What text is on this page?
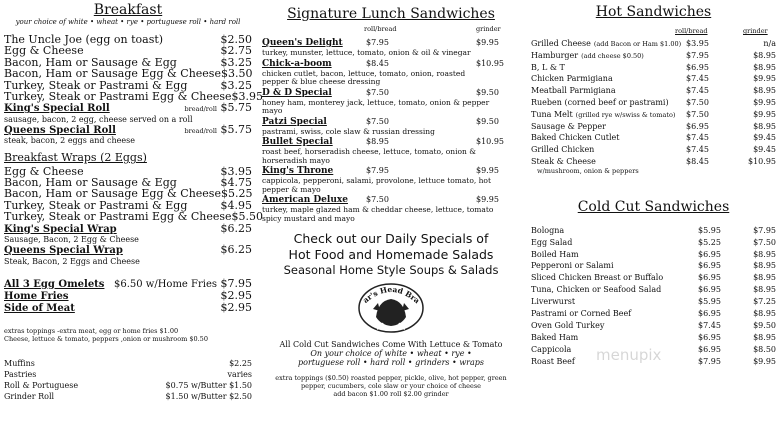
Breakfast
your choice of white • wheat • rye • portuguese roll • hard roll
The Uncle Joe (egg on toast)	$2.50
Egg & Cheese	$2.75
Bacon, Ham or Sausage & Egg	$3.25
Bacon, Ham or Sausage Egg & Cheese $3.50
Turkey, Steak or Pastrami & Egg	$3.25
Turkey, Steak or Pastrami Egg & Cheese $3.95
King's Special Roll	bread/roll $5.75
sausage, bacon, 2 egg, cheese served on a roll
Queens Special Roll	bread/roll $5.75
steak, bacon, 2 eggs and cheese
Breakfast Wraps (2 Eggs)
Egg & Cheese	$3.95
Bacon, Ham or Sausage & Egg	$4.75
Bacon, Ham or Sausage Egg & Cheese $5.25
Turkey, Steak or Pastrami & Egg	$4.95
Turkey, Steak or Pastrami Egg & Cheese $5.50
King's Special Wrap	$6.25
Sausage, Bacon, 2 Egg & Cheese
Queens Special Wrap	$6.25
Steak, Bacon, 2 Eggs and Cheese
All 3 Egg Omelets $6.50 w/Home Fries $7.95
Home Fries	$2.95
Side of Meat	$2.95
extras toppings -extra meat, egg or home fries $1.00
Cheese, lettuce & tomato, peppers ,onion or mushroom $0.50
Muffins	$2.25
Pastries	varies
Roll & Portuguese	$0.75 w/Butter $1.50
Grinder Roll	$1.50 w/Butter $2.50
Signature Lunch Sandwiches
roll/bread	grinder
Queen's Delight	$7.95	$9.95
turkey, munster, lettuce, tomato, onion & oil & vinegar
Chick-a-boom	$8.45	$10.95
chicken cutlet, bacon, lettuce, tomato, onion, roasted pepper & blue cheese dressing
D & D Special	$7.50	$9.50
honey ham, monterey jack, lettuce, tomato, onion & pepper mayo
Patzi Special	$7.50	$9.50
pastrami, swiss, cole slaw & russian dressing
Bullet Special	$8.95	$10.95
roast beef, horseradish cheese, lettuce, tomato, onion & horseradish mayo
King's Throne	$7.95	$9.95
cappicola, pepperoni, salami, provolone, lettuce tomato, hot pepper & mayo
American Deluxe $7.50	$9.95
turkey, maple glazed ham & cheddar cheese, lettuce, tomato spicy mustard and mayo
Check out our Daily Specials of
Hot Food and Homemade Salads
Seasonal Home Style Soups & Salads
ar's Head Bra
All Cold Cut Sandwiches Come With Lettuce & Tomato
On your choice of white • wheat • rye •
portuguese roll • hard roll • grinders • wraps
extra toppings ($0.50) roasted pepper, pickle, olive, hot pepper, green
pepper, cucumbers, cole slaw or your choice of cheese
add bacon $1.00 roll $2.00 grinder
Hot Sandwiches
roll/bread	grinder
Grilled Cheese (add Bacon or Ham $1.00) $3.95	n/a
Hamburger (add cheese $0.50)	$7.95	$8.95
B, L & T	$6.95	$8.95
Chicken Parmigiana	$7.45	$9.95
Meatball Parmigiana	$7.45	$8.95
Rueben (corned beef or pastrami)	$7.50	$9.95
Tuna Melt (grilled rye w/swiss & tomato) $7.50	$9.95
Sausage & Pepper	$6.95	$8.95
Baked Chicken Cutlet	$7.45	$9.45
Grilled Chicken	$7.45	$9.45
Steak & Cheese	$8.45	$10.95
w/mushroom, onion & peppers
Cold Cut Sandwiches
Bologna	$5.95	$7.95
Egg Salad	$5.25	$7.50
Boiled Ham	$6.95	$8.95
Pepperoni or Salami	$6.95	$8.95
Sliced Chicken Breast or Buffalo	$6.95	$8.95
Tuna, Chicken or Seafood Salad	$6.95	$8.95
Liverwurst	$5.95	$7.25
Pastrami or Corned Beef	$6.95	$8.95
Oven Gold Turkey	$7.45	$9.50
Baked Ham	$6.95	$8.95
Cappicola	$6.95	$8.50
Roast Beef	$7.95	$9.95
menupix
